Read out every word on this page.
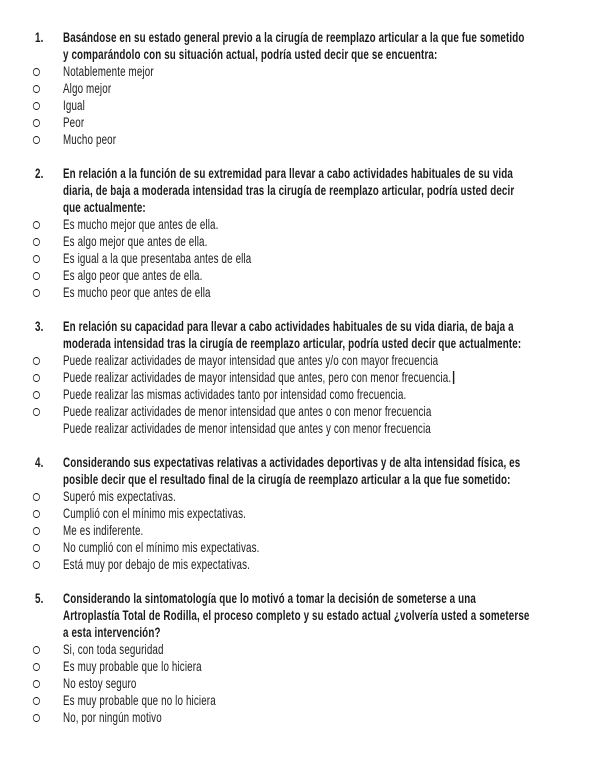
1. Basándose en su estado general previo a la cirugía de reemplazo articular a la que fue sometido
y comparándolo con su situación actual, podría usted decir que se encuentra:
Notablemente mejor
Algo mejor
Igual
Peor
Mucho peor
2. En relación a la función de su extremidad para llevar a cabo actividades habituales de su vida
diaria, de baja a moderada intensidad tras la cirugía de reemplazo articular, podría usted decir
que actualmente:
Es mucho mejor que antes de ella.
Es algo mejor que antes de ella.
Es igual a la que presentaba antes de ella
Es algo peor que antes de ella.
Es mucho peor que antes de ella
3. En relación su capacidad para llevar a cabo actividades habituales de su vida diaria, de baja a
moderada intensidad tras la cirugía de reemplazo articular, podría usted decir que actualmente:
Puede realizar actividades de mayor intensidad que antes y/o con mayor frecuencia
Puede realizar actividades de mayor intensidad que antes, pero con menor frecuencia.
Puede realizar las mismas actividades tanto por intensidad como frecuencia.
Puede realizar actividades de menor intensidad que antes o con menor frecuencia
Puede realizar actividades de menor intensidad que antes y con menor frecuencia
4. Considerando sus expectativas relativas a actividades deportivas y de alta intensidad física, es
posible decir que el resultado final de la cirugía de reemplazo articular a la que fue sometido:
Superó mis expectativas.
Cumplió con el mínimo mis expectativas.
Me es indiferente.
No cumplió con el mínimo mis expectativas.
Está muy por debajo de mis expectativas.
5. Considerando la sintomatología que lo motivó a tomar la decisión de someterse a una
Artroplastía Total de Rodilla, el proceso completo y su estado actual ¿volvería usted a someterse
a esta intervención?
Si, con toda seguridad
Es muy probable que lo hiciera
No estoy seguro
Es muy probable que no lo hiciera
No, por ningún motivo
